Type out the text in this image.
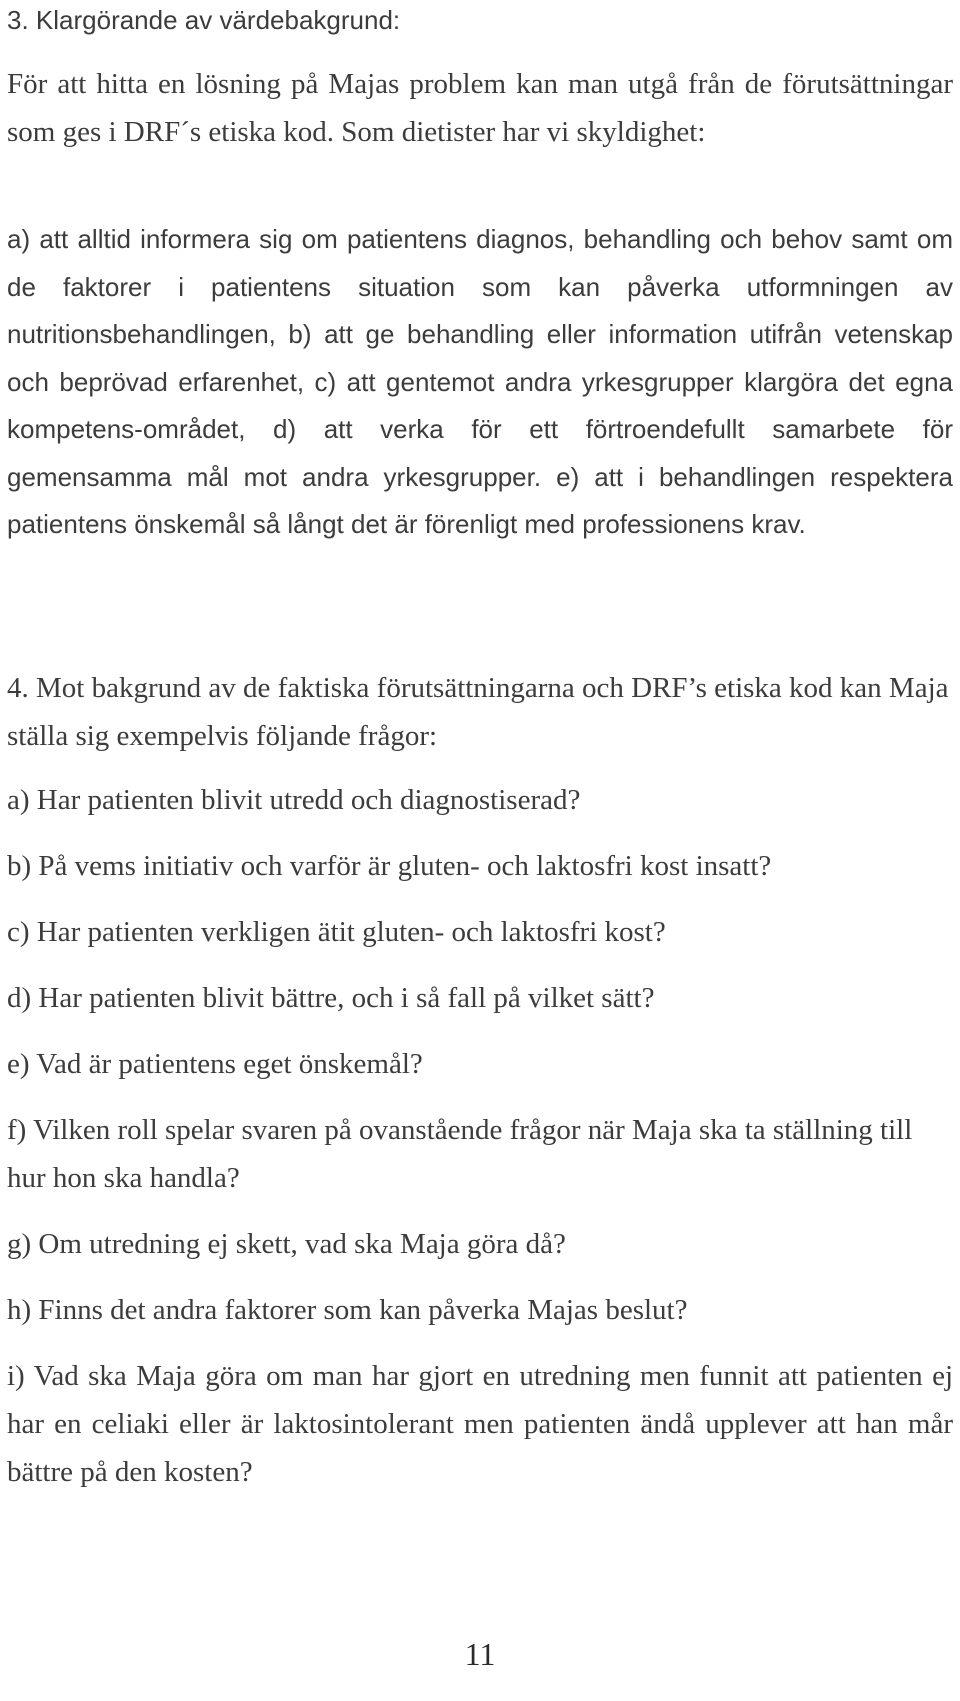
3. Klargörande av värdebakgrund:

För att hitta en lösning på Majas problem kan man utgå från de förutsättningar som ges i DRF´s etiska kod. Som dietister har vi skyldighet:

a) att alltid informera sig om patientens diagnos, behandling och behov samt om de faktorer i patientens situation som kan påverka utformningen av nutritionsbehandlingen, b) att ge behandling eller information utifrån vetenskap och beprövad erfarenhet, c) att gentemot andra yrkesgrupper klargöra det egna kompetens-området, d) att verka för ett förtroendefullt samarbete för gemensamma mål mot andra yrkesgrupper. e) att i behandlingen respektera patientens önskemål så långt det är förenligt med professionens krav.

4. Mot bakgrund av de faktiska förutsättningarna och DRF’s etiska kod kan Maja ställa sig exempelvis följande frågor:

a) Har patienten blivit utredd och diagnostiserad?

b) På vems initiativ och varför är gluten- och laktosfri kost insatt?

c) Har patienten verkligen ätit gluten- och laktosfri kost?

d) Har patienten blivit bättre, och i så fall på vilket sätt?

e) Vad är patientens eget önskemål?

f) Vilken roll spelar svaren på ovanstående frågor när Maja ska ta ställning till hur hon ska handla?

g) Om utredning ej skett, vad ska Maja göra då?

h) Finns det andra faktorer som kan påverka Majas beslut?

i) Vad ska Maja göra om man har gjort en utredning men funnit att patienten ej har en celiaki eller är laktosintolerant men patienten ändå upplever att han mår bättre på den kosten?

11
